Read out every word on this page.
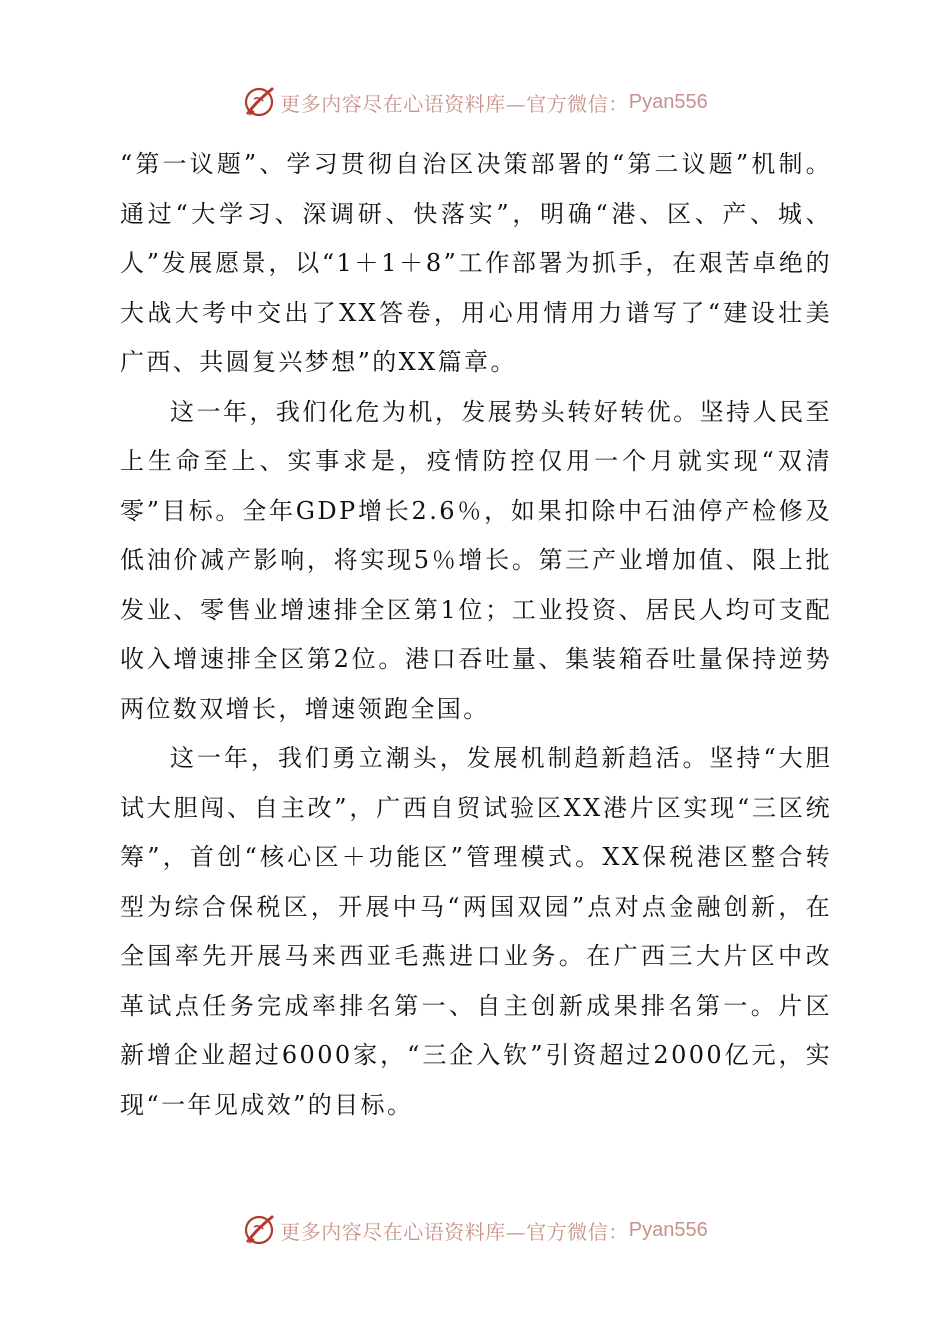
更多内容尽在心语资料库—官方微信： Pyan556

“第一议题”、学习贯彻自治区决策部署的“第二议题”机制。通过“大学习、深调研、快落实”，明确“港、区、产、城、人”发展愿景，以“1＋1＋8”工作部署为抓手，在艰苦卓绝的大战大考中交出了XX答卷，用心用情用力谱写了“建设壮美广西、共圆复兴梦想”的XX篇章。

这一年，我们化危为机，发展势头转好转优。坚持人民至上生命至上、实事求是，疫情防控仅用一个月就实现“双清零”目标。全年GDP增长2.6％，如果扣除中石油停产检修及低油价减产影响，将实现5％增长。第三产业增加值、限上批发业、零售业增速排全区第1位；工业投资、居民人均可支配收入增速排全区第2位。港口吞吐量、集装箱吞吐量保持逆势两位数双增长，增速领跑全国。

这一年，我们勇立潮头，发展机制趋新趋活。坚持“大胆试大胆闯、自主改”，广西自贸试验区XX港片区实现“三区统筹”，首创“核心区＋功能区”管理模式。XX保税港区整合转型为综合保税区，开展中马“两国双园”点对点金融创新，在全国率先开展马来西亚毛燕进口业务。在广西三大片区中改革试点任务完成率排名第一、自主创新成果排名第一。片区新增企业超过6000家，“三企入钦”引资超过2000亿元，实现“一年见成效”的目标。

更多内容尽在心语资料库—官方微信： Pyan556
